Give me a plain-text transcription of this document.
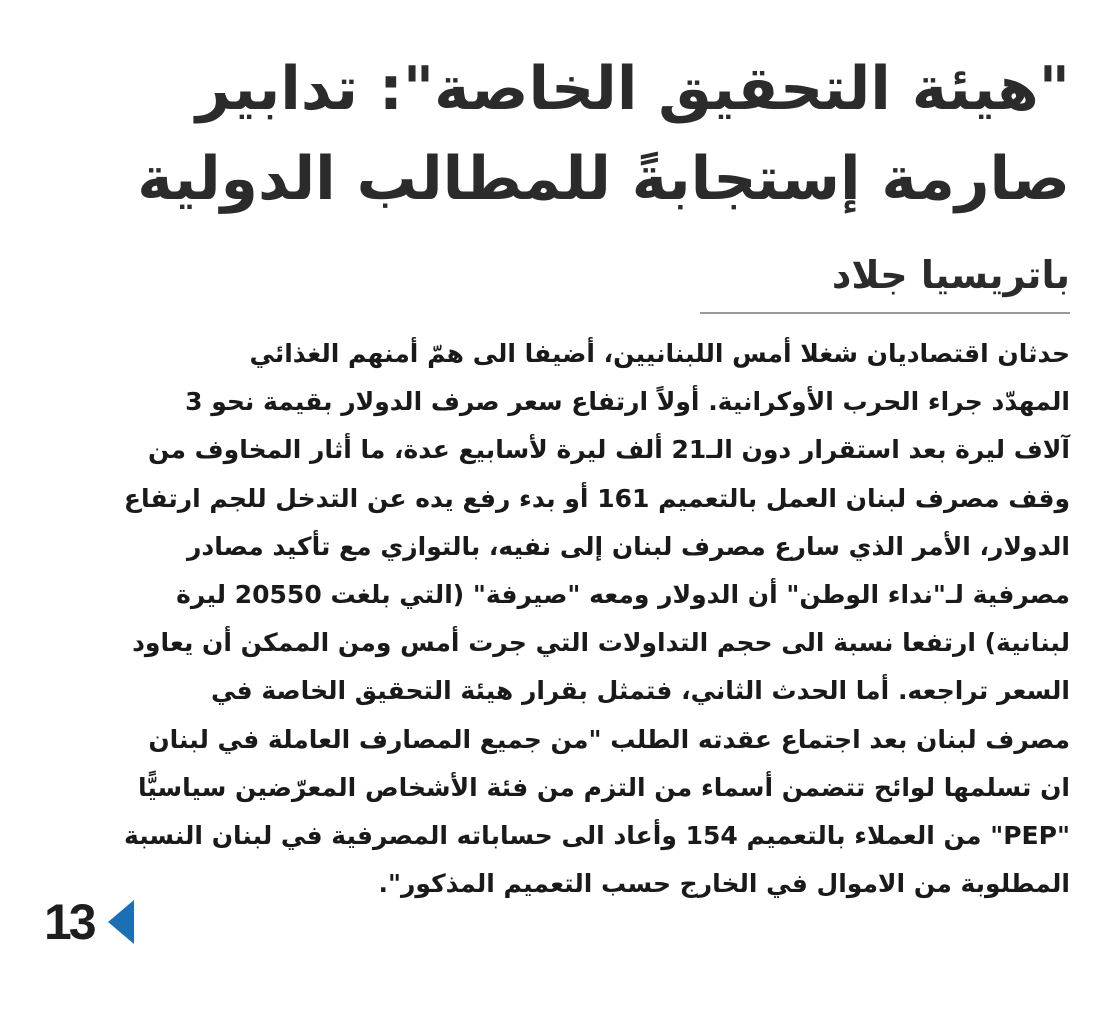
"هيئة التحقيق الخاصة": تدابير
صارمة إستجابةً للمطالب الدولية
باتريسيا جلاد
حدثان اقتصاديان شغلا أمس اللبنانيين، أضيفا الى همّ أمنهم الغذائي
المهدّد جراء الحرب الأوكرانية. أولاً ارتفاع سعر صرف الدولار بقيمة نحو 3
آلاف ليرة بعد استقرار دون الـ21 ألف ليرة لأسابيع عدة، ما أثار المخاوف من
وقف مصرف لبنان العمل بالتعميم 161 أو بدء رفع يده عن التدخل للجم ارتفاع
الدولار، الأمر الذي سارع مصرف لبنان إلى نفيه، بالتوازي مع تأكيد مصادر
مصرفية لـ"نداء الوطن" أن الدولار ومعه "صيرفة" (التي بلغت 20550 ليرة
لبنانية) ارتفعا نسبة الى حجم التداولات التي جرت أمس ومن الممكن أن يعاود
السعر تراجعه. أما الحدث الثاني، فتمثل بقرار هيئة التحقيق الخاصة في
مصرف لبنان بعد اجتماع عقدته الطلب "من جميع المصارف العاملة في لبنان
ان تسلمها لوائح تتضمن أسماء من التزم من فئة الأشخاص المعرّضين سياسيًّا
"PEP" من العملاء بالتعميم 154 وأعاد الى حساباته المصرفية في لبنان النسبة
المطلوبة من الاموال في الخارج حسب التعميم المذكور".
13
